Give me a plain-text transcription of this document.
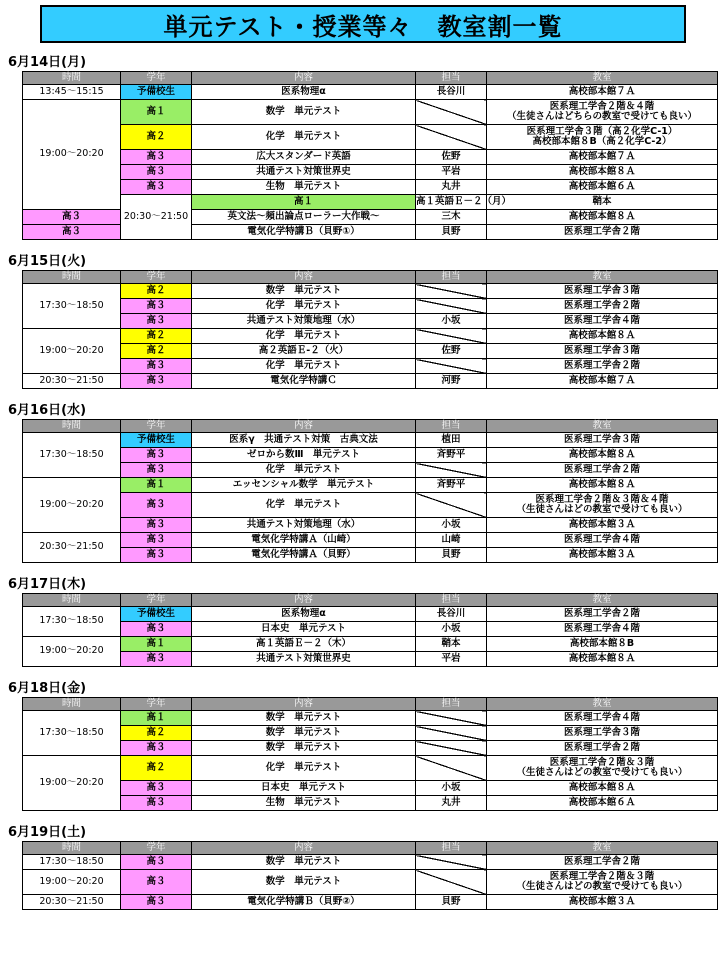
単元テスト・授業等々　教室割一覧
6月14日(月)
時間	学年	内容	担当	教室	
13:45～15:15	予備校生	医系物理α	長谷川	高校部本館７Ａ	
19:00～20:20	高１	数学　単元テスト		医系理工学舎２階＆４階
（生徒さんはどちらの教室で受けても良い）	
	高２	化学　単元テスト		医系理工学舎３階（高２化学C-1）
高校部本館８B（高２化学C-2）	
	高３	広大スタンダード英語	佐野	高校部本館７Ａ	
	高３	共通テスト対策世界史	平岩	高校部本館８Ａ	
	高３	生物　単元テスト	丸井	高校部本館６Ａ	
	20:30～21:50	高１	高１英語Ｅ－２（月）	鞘本	
高３		英文法～頻出論点ローラー大作戦～	三木	高校部本館８Ａ	
高３		電気化学特講Ｂ（貝野①）	貝野	医系理工学舎２階	
6月15日(火)
時間	学年	内容	担当	教室
17:30～18:50	高２	数学　単元テスト		医系理工学舎３階
	高３	化学　単元テスト		医系理工学舎２階
	高３	共通テスト対策地理（水）	小坂	医系理工学舎４階
19:00～20:20	高２	化学　単元テスト		高校部本館８Ａ
	高２	高２英語Ｅ-２（火）	佐野	医系理工学舎３階
	高３	化学　単元テスト		医系理工学舎２階
20:30～21:50	高３	電気化学特講Ｃ	河野	高校部本館７Ａ
6月16日(水)
時間	学年	内容	担当	教室
17:30～18:50	予備校生	医系γ　共通テスト対策　古典文法	植田	医系理工学舎３階
	高３	ゼロから数Ⅲ　単元テスト	斉野平	高校部本館８Ａ
	高３	化学　単元テスト		医系理工学舎２階
19:00～20:20	高１	エッセンシャル数学　単元テスト	斉野平	高校部本館８Ａ
	高３	化学　単元テスト		医系理工学舎２階＆３階＆４階
（生徒さんはどの教室で受けても良い）
	高３	共通テスト対策地理（水）	小坂	高校部本館３Ａ
20:30～21:50	高３	電気化学特講Ａ（山崎）	山崎	医系理工学舎４階
	高３	電気化学特講Ａ（貝野）	貝野	高校部本館３Ａ
6月17日(木)
時間	学年	内容	担当	教室
17:30～18:50	予備校生	医系物理α	長谷川	医系理工学舎２階
	高３	日本史　単元テスト	小坂	医系理工学舎４階
19:00～20:20	高１	高１英語Ｅ－２（木）	鞘本	高校部本館８B
	高３	共通テスト対策世界史	平岩	高校部本館８Ａ
6月18日(金)
時間	学年	内容	担当	教室
17:30～18:50	高１	数学　単元テスト		医系理工学舎４階
	高２	数学　単元テスト		医系理工学舎３階
	高３	数学　単元テスト		医系理工学舎２階
19:00～20:20	高２	化学　単元テスト		医系理工学舎２階＆３階
（生徒さんはどの教室で受けても良い）
	高３	日本史　単元テスト	小坂	高校部本館８Ａ
	高３	生物　単元テスト	丸井	高校部本館６Ａ
6月19日(土)
時間	学年	内容	担当	教室
17:30～18:50	高３	数学　単元テスト		医系理工学舎２階
19:00～20:20	高３	数学　単元テスト		医系理工学舎２階＆３階
（生徒さんはどの教室で受けても良い）
20:30～21:50	高３	電気化学特講Ｂ（貝野②）	貝野	高校部本館３Ａ
